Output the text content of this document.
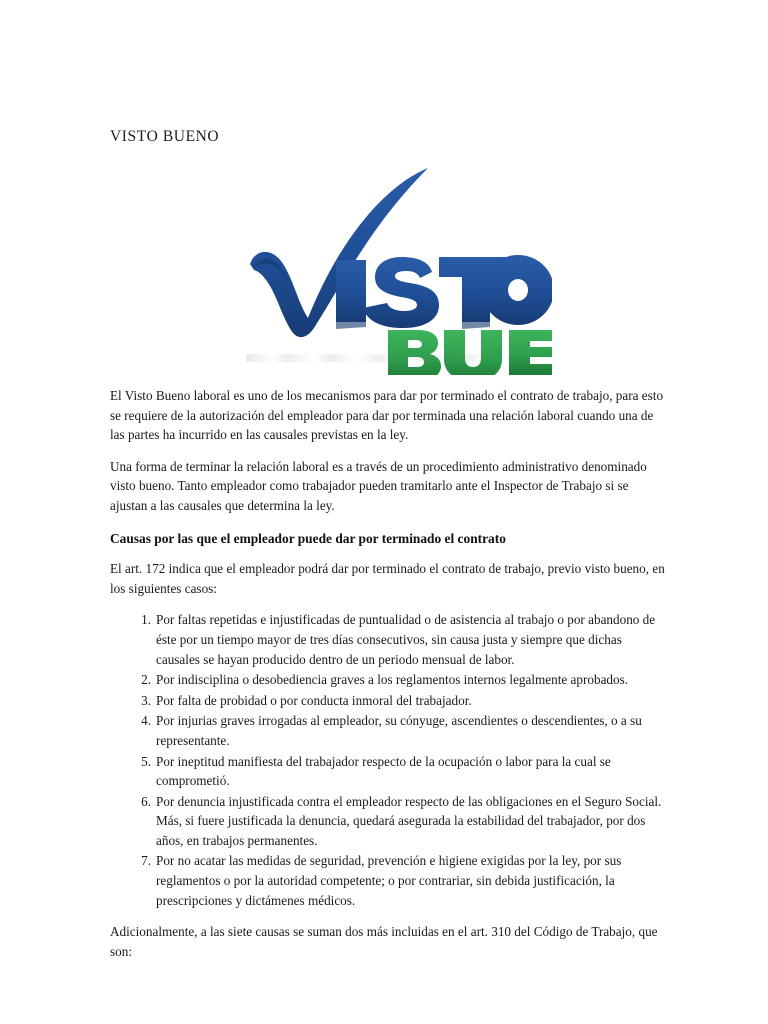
VISTO BUENO

El Visto Bueno laboral es uno de los mecanismos para dar por terminado el contrato de trabajo, para esto se requiere de la autorización del empleador para dar por terminada una relación laboral cuando una de las partes ha incurrido en las causales previstas en la ley.

Una forma de terminar la relación laboral es a través de un procedimiento administrativo denominado visto bueno. Tanto empleador como trabajador pueden tramitarlo ante el Inspector de Trabajo si se ajustan a las causales que determina la ley.

Causas por las que el empleador puede dar por terminado el contrato

El art. 172 indica que el empleador podrá dar por terminado el contrato de trabajo, previo visto bueno, en los siguientes casos:

Por faltas repetidas e injustificadas de puntualidad o de asistencia al trabajo o por abandono de éste por un tiempo mayor de tres días consecutivos, sin causa justa y siempre que dichas causales se hayan producido dentro de un periodo mensual de labor.
Por indisciplina o desobediencia graves a los reglamentos internos legalmente aprobados.
Por falta de probidad o por conducta inmoral del trabajador.
Por injurias graves irrogadas al empleador, su cónyuge, ascendientes o descendientes, o a su representante.
Por ineptitud manifiesta del trabajador respecto de la ocupación o labor para la cual se comprometió.
Por denuncia injustificada contra el empleador respecto de las obligaciones en el Seguro Social. Más, si fuere justificada la denuncia, quedará asegurada la estabilidad del trabajador, por dos años, en trabajos permanentes.
Por no acatar las medidas de seguridad, prevención e higiene exigidas por la ley, por sus reglamentos o por la autoridad competente; o por contrariar, sin debida justificación, la prescripciones y dictámenes médicos.

Adicionalmente, a las siete causas se suman dos más incluidas en el art. 310 del Código de Trabajo, que son:
